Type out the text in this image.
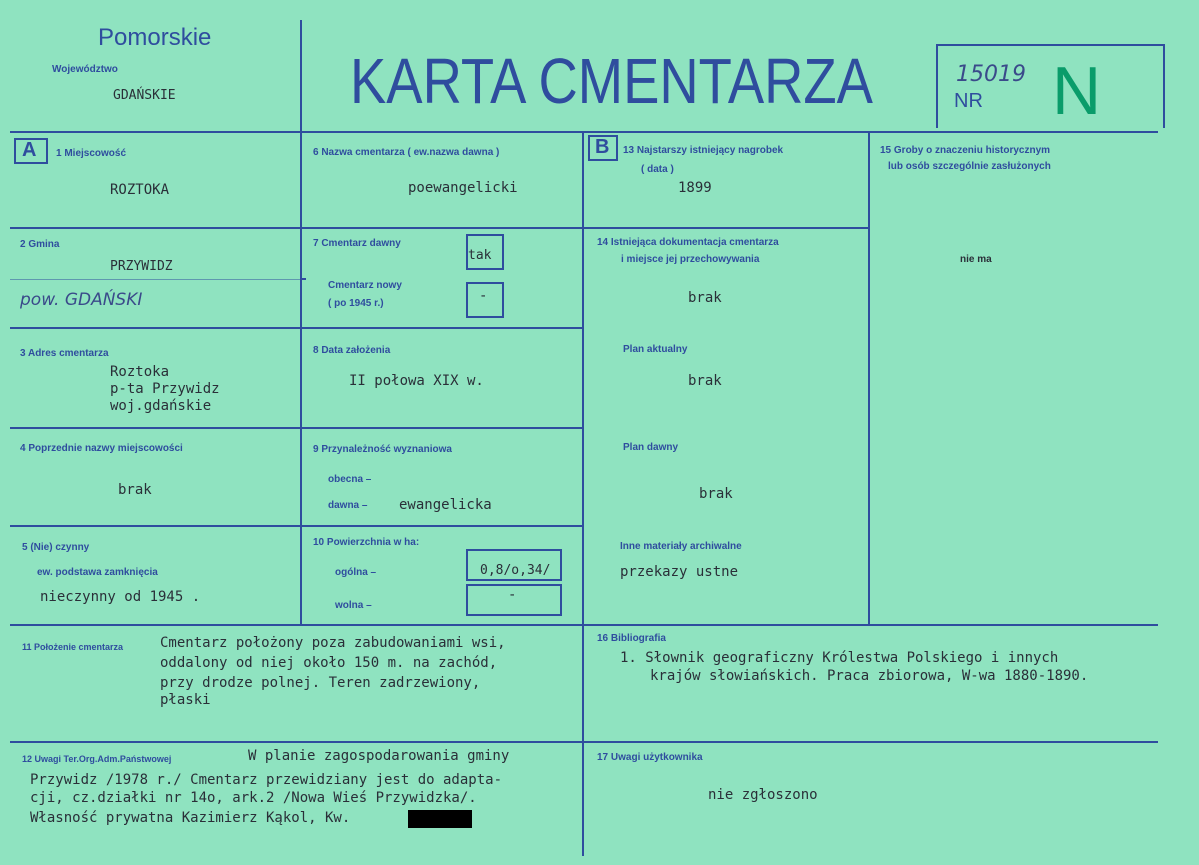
Pomorskie
Województwo
GDAŃSKIE	KARTA CMENTARZA	15019
NR N
A	B
1 Miejscowość
ROZTOKA
6 Nazwa cmentarza ( ew.nazwa dawna )
poewangelicki
13 Najstarszy istniejący nagrobek
( data )
1899
15 Groby o znaczeniu historycznym
lub osób szczególnie zasłużonych
nie ma
2 Gmina
PRZYWIDZ
pow. GDAŃSKI
7 Cmentarz dawny
tak
Cmentarz nowy
( po 1945 r.)	-
14 Istniejąca dokumentacja cmentarza
i miejsce jej przechowywania
brak
Plan aktualny
brak
Plan dawny
brak
Inne materiały archiwalne
przekazy ustne
3 Adres cmentarza
Roztoka
p-ta Przywidz
woj.gdańskie
8 Data założenia
II połowa XIX w.
4 Poprzednie nazwy miejscowości
brak
9 Przynależność wyznaniowa
obecna –
dawna – ewangelicka
5 (Nie) czynny
ew. podstawa zamknięcia
nieczynny od 1945 .
10 Powierzchnia w ha:
ogólna –	0,8/o,34/
wolna –
-
11 Położenie cmentarza	Cmentarz położony poza zabudowaniami wsi,
oddalony od niej około 150 m. na zachód,
przy drodze polnej. Teren zadrzewiony,
płaski
16 Bibliografia
1. Słownik geograficzny Królestwa Polskiego i innych
krajów słowiańskich. Praca zbiorowa, W-wa 1880-1890.
12 Uwagi Ter.Org.Adm.Państwowej	W planie zagospodarowania gminy
Przywidz /1978 r./ Cmentarz przewidziany jest do adapta-
cji, cz.działki nr 14o, ark.2 /Nowa Wieś Przywidzka/.
Własność prywatna Kazimierz Kąkol, Kw.
17 Uwagi użytkownika
nie zgłoszono
